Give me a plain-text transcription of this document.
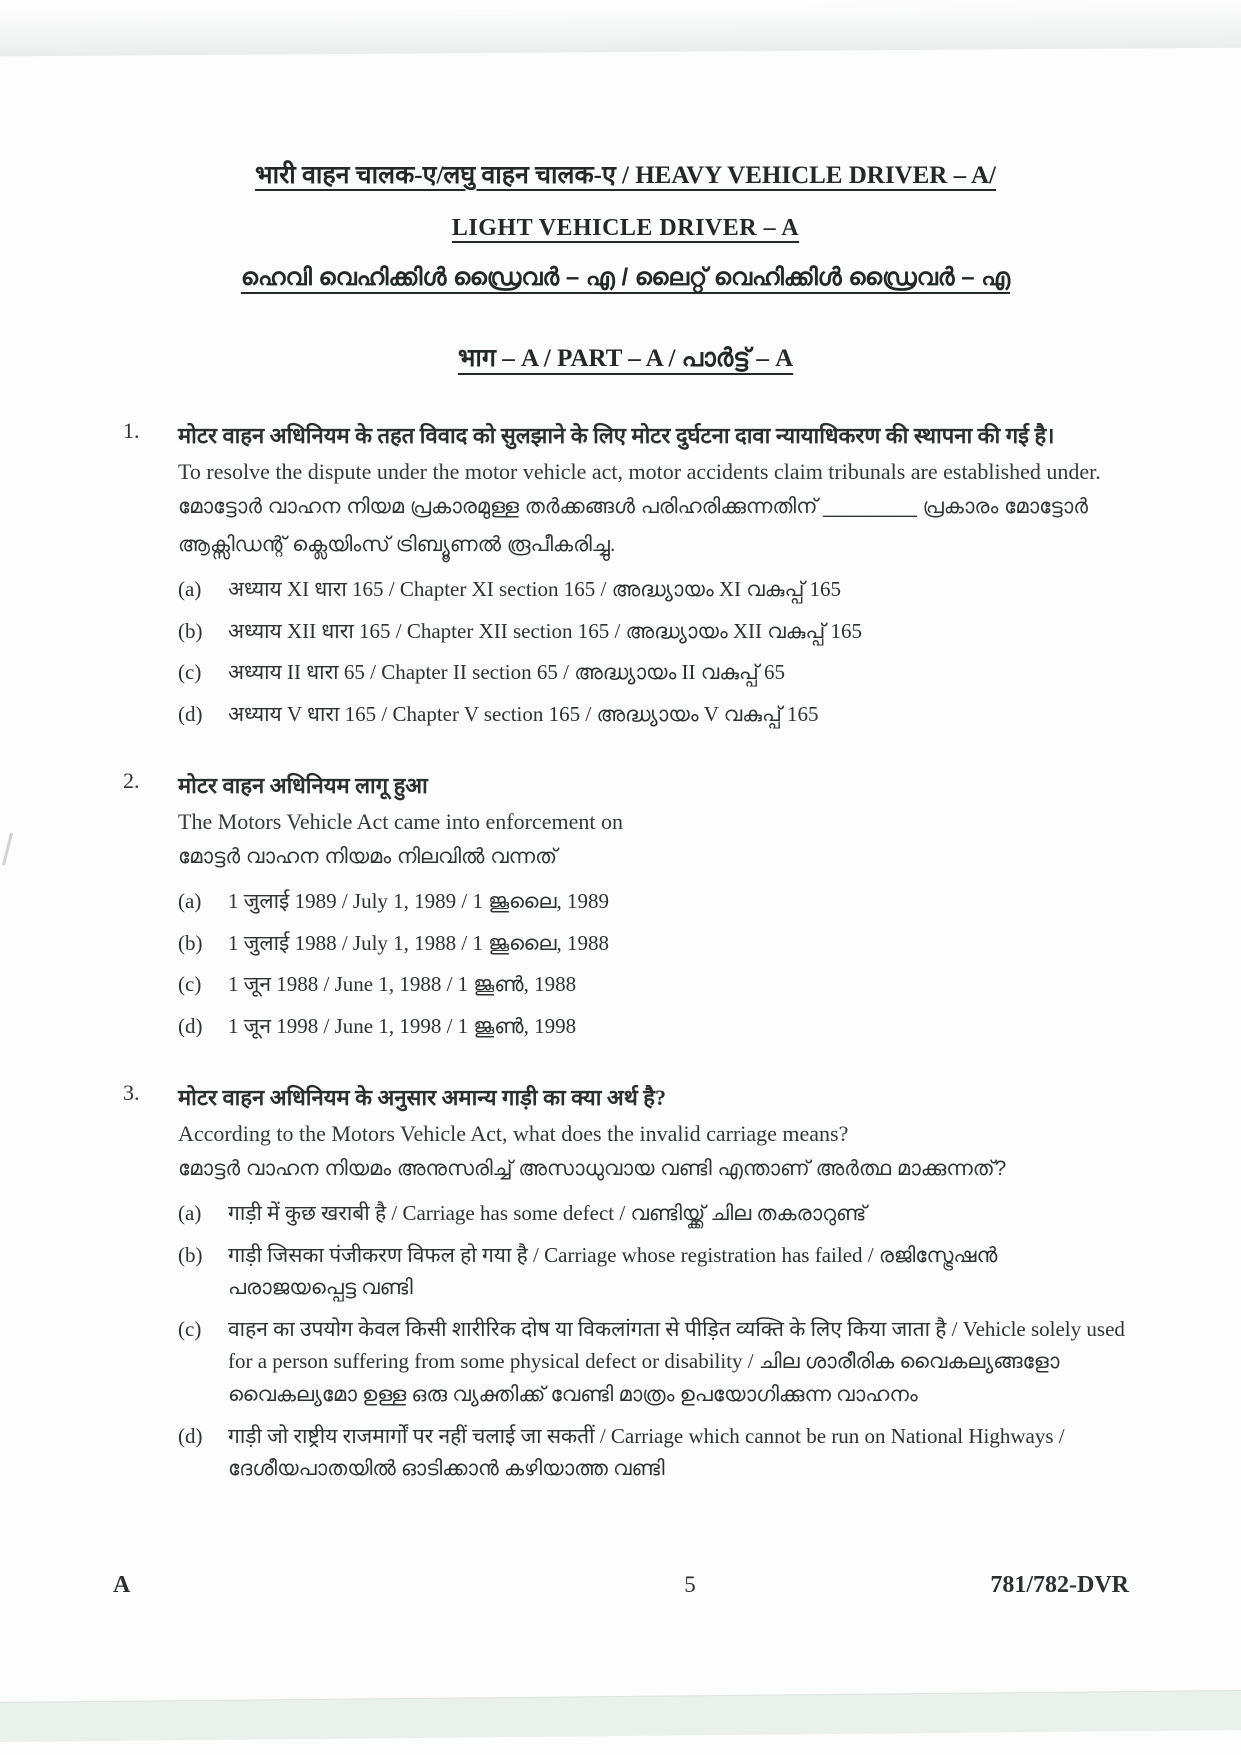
भारी वाहन चालक-ए/लघु वाहन चालक-ए / HEAVY VEHICLE DRIVER – A/
LIGHT VEHICLE DRIVER – A
ഹെവി വെഹിക്കിൾ ഡ്രൈവർ – എ / ലൈറ്റ് വെഹിക്കിൾ ഡ്രൈവർ – എ
भाग – A / PART – A / പാർട്ട് – A
1.	मोटर वाहन अधिनियम के तहत विवाद को सुलझाने के लिए मोटर दुर्घटना दावा न्यायाधिकरण की स्थापना की गई है।
To resolve the dispute under the motor vehicle act, motor accidents claim tribunals are established under.
മോട്ടോർ വാഹന നിയമ പ്രകാരമുള്ള തർക്കങ്ങൾ പരിഹരിക്കുന്നതിന് ________ പ്രകാരം മോട്ടോർ ആക്സിഡന്റ് ക്ലെയിംസ് ട്രിബ്യൂണൽ രൂപീകരിച്ചു.
(a)	अध्याय XI धारा 165 / Chapter XI section 165 / അദ്ധ്യായം XI വകുപ്പ് 165
(b)	अध्याय XII धारा 165 / Chapter XII section 165 / അദ്ധ്യായം XII വകുപ്പ് 165
(c)	अध्याय II धारा 65 / Chapter II section 65 / അദ്ധ്യായം II വകുപ്പ് 65
(d)	अध्याय V धारा 165 / Chapter V section 165 / അദ്ധ്യായം V വകുപ്പ് 165
2.	मोटर वाहन अधिनियम लागू हुआ
The Motors Vehicle Act came into enforcement on
മോട്ടർ വാഹന നിയമം നിലവിൽ വന്നത്
(a)	1 जुलाई 1989 / July 1, 1989 / 1 ജൂലൈ, 1989
(b)	1 जुलाई 1988 / July 1, 1988 / 1 ജൂലൈ, 1988
(c)	1 जून 1988 / June 1, 1988 / 1 ജൂൺ, 1988
(d)	1 जून 1998 / June 1, 1998 / 1 ജൂൺ, 1998
3.	मोटर वाहन अधिनियम के अनुसार अमान्य गाड़ी का क्या अर्थ है?
According to the Motors Vehicle Act, what does the invalid carriage means?
മോട്ടർ വാഹന നിയമം അനുസരിച്ച് അസാധുവായ വണ്ടി എന്താണ് അർത്ഥ മാക്കുന്നത്?
(a)	गाड़ी में कुछ खराबी है / Carriage has some defect / വണ്ടിയ്ക്ക് ചില തകരാറുണ്ട്
(b)	गाड़ी जिसका पंजीकरण विफल हो गया है / Carriage whose registration has failed / രജിസ്ട്രേഷൻ പരാജയപ്പെട്ട വണ്ടി
(c)	वाहन का उपयोग केवल किसी शारीरिक दोष या विकलांगता से पीड़ित व्यक्ति के लिए किया जाता है / Vehicle solely used for a person suffering from some physical defect or disability / ചില ശാരീരിക വൈകല്യങ്ങളോ വൈകല്യമോ ഉള്ള ഒരു വ്യക്തിക്ക് വേണ്ടി മാത്രം ഉപയോഗിക്കുന്ന വാഹനം
(d)	गाड़ी जो राष्ट्रीय राजमार्गों पर नहीं चलाई जा सकतीं / Carriage which cannot be run on National Highways / ദേശീയപാതയിൽ ഓടിക്കാൻ കഴിയാത്ത വണ്ടി
A	5	781/782-DVR
